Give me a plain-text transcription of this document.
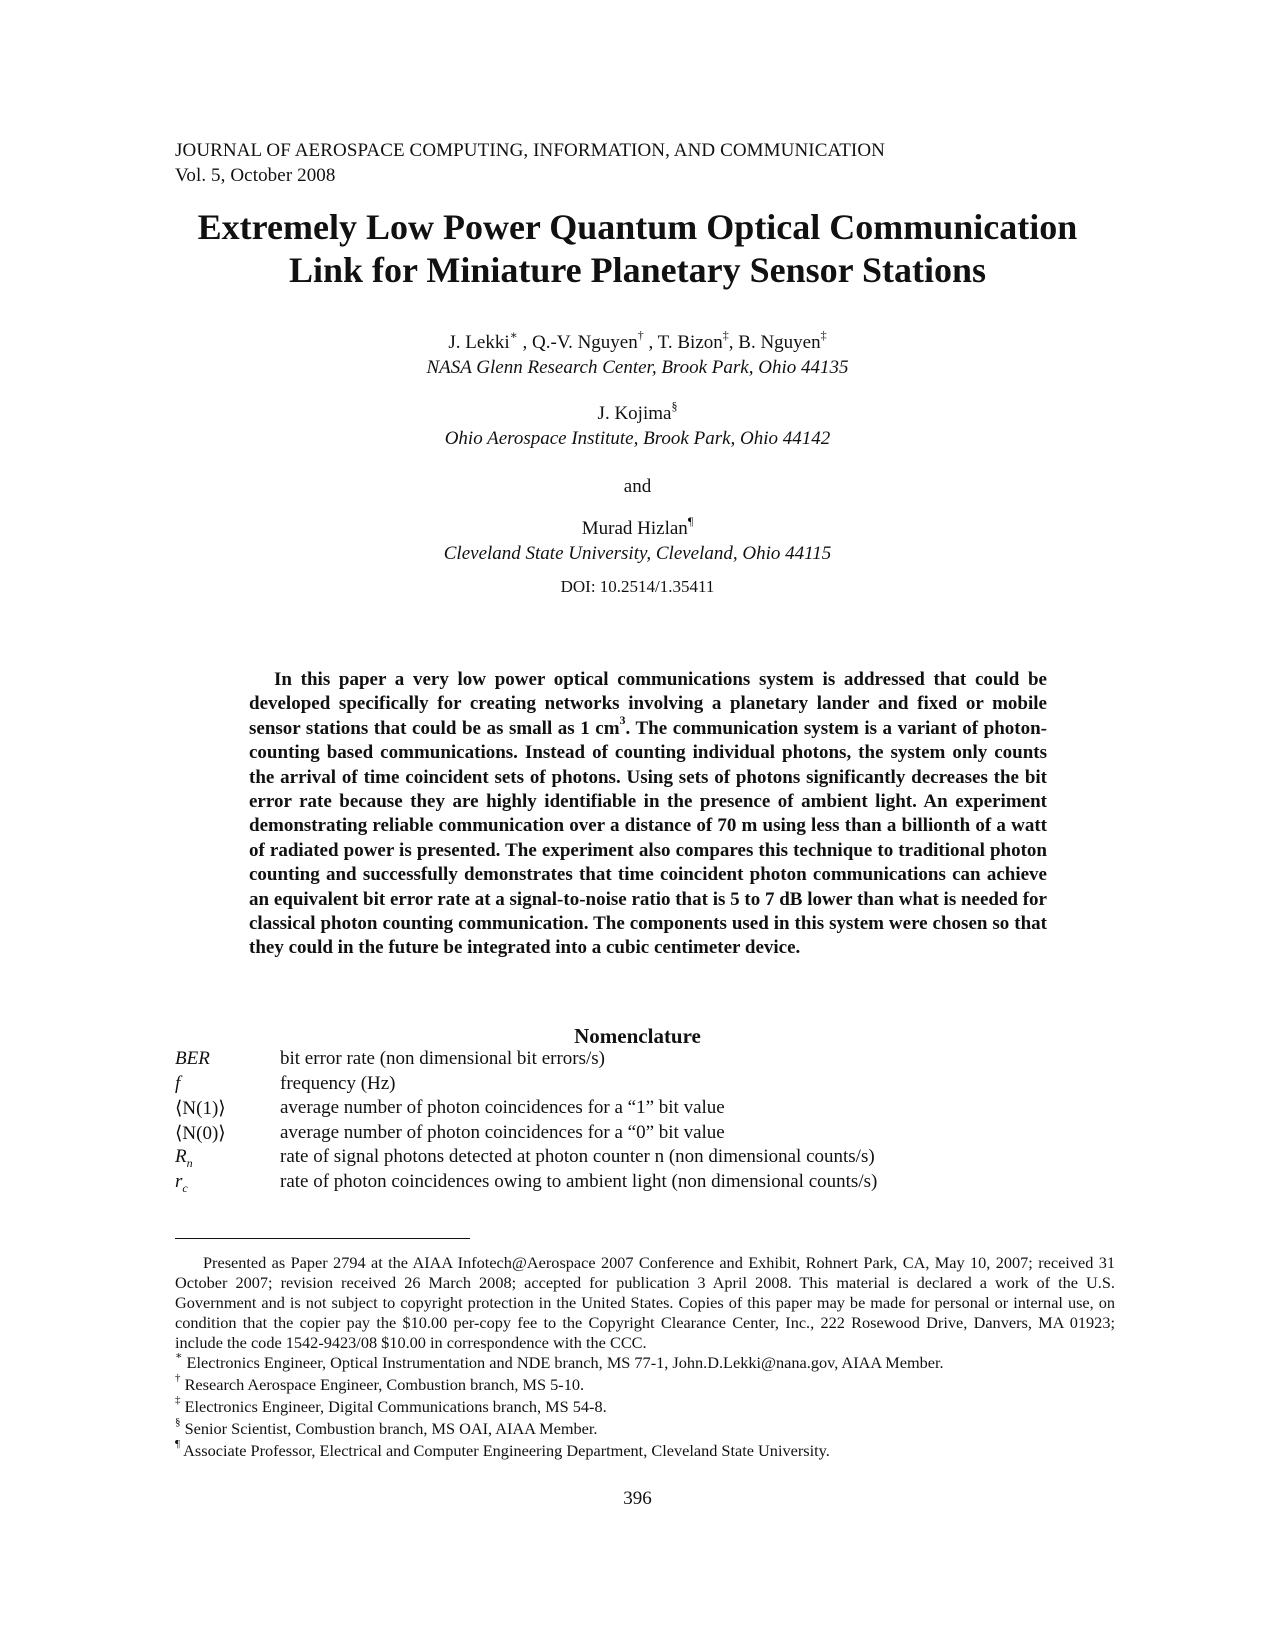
JOURNAL OF AEROSPACE COMPUTING, INFORMATION, AND COMMUNICATION
Vol. 5, October 2008
Extremely Low Power Quantum Optical Communication
Link for Miniature Planetary Sensor Stations
J. Lekki∗ , Q.-V. Nguyen† , T. Bizon‡, B. Nguyen‡
NASA Glenn Research Center, Brook Park, Ohio 44135
J. Kojima§
Ohio Aerospace Institute, Brook Park, Ohio 44142
and
Murad Hizlan¶
Cleveland State University, Cleveland, Ohio 44115
DOI: 10.2514/1.35411
In this paper a very low power optical communications system is addressed that could be developed specifically for creating networks involving a planetary lander and fixed or mobile sensor stations that could be as small as 1 $cm^3$. The communication system is a variant of photon-counting based communications. Instead of counting individual photons, the system only counts the arrival of time coincident sets of photons. Using sets of photons significantly decreases the bit error rate because they are highly identifiable in the presence of ambient light. An experiment demonstrating reliable communication over a distance of 70 m using less than a billionth of a watt of radiated power is presented. The experiment also compares this technique to traditional photon counting and successfully demonstrates that time coincident photon communications can achieve an equivalent bit error rate at a signal-to-noise ratio that is 5 to 7 dB lower than what is needed for classical photon counting communication. The components used in this system were chosen so that they could in the future be integrated into a cubic centimeter device.
Nomenclature
BER	bit error rate (non dimensional bit errors/s)
f	frequency (Hz)
⟨N(1)⟩	average number of photon coincidences for a “1” bit value
⟨N(0)⟩	average number of photon coincidences for a “0” bit value
$R_n$	rate of signal photons detected at photon counter n (non dimensional counts/s)
$r_c$	rate of photon coincidences owing to ambient light (non dimensional counts/s)
Presented as Paper 2794 at the AIAA Infotech@Aerospace 2007 Conference and Exhibit, Rohnert Park, CA, May 10, 2007; received 31 October 2007; revision received 26 March 2008; accepted for publication 3 April 2008. This material is declared a work of the U.S. Government and is not subject to copyright protection in the United States. Copies of this paper may be made for personal or internal use, on condition that the copier pay the $10.00 per-copy fee to the Copyright Clearance Center, Inc., 222 Rosewood Drive, Danvers, MA 01923; include the code 1542-9423/08 $10.00 in correspondence with the CCC.
∗ Electronics Engineer, Optical Instrumentation and NDE branch, MS 77-1, John.D.Lekki@nana.gov, AIAA Member.
† Research Aerospace Engineer, Combustion branch, MS 5-10.
‡ Electronics Engineer, Digital Communications branch, MS 54-8.
§ Senior Scientist, Combustion branch, MS OAI, AIAA Member.
¶ Associate Professor, Electrical and Computer Engineering Department, Cleveland State University.
396
